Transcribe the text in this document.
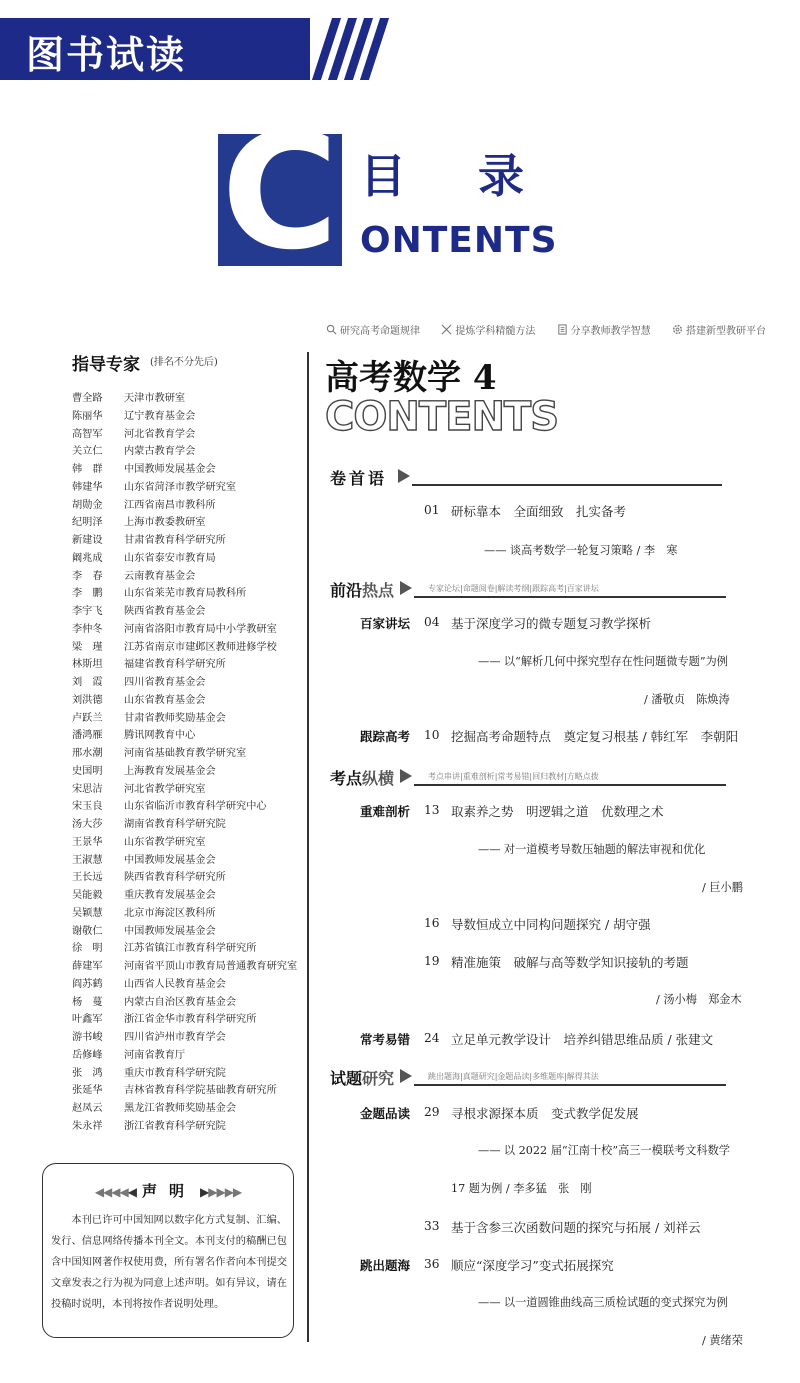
图书试读
C 目录
ONTENTS
研究高考命题规律	提炼学科精髓方法	分享教师教学智慧	搭建新型教研平台
指导专家 (排名不分先后)
曹全路 天津市教研室
陈丽华 辽宁教育基金会
高智军 河北省教育学会
关立仁 内蒙古教育学会
韩　群 中国教师发展基金会
韩建华 山东省菏泽市教学研究室
胡勋金 江西省南昌市教科所
纪明泽 上海市教委教研室
新建设 甘肃省教育科学研究所
阚兆成 山东省泰安市教育局
李　春 云南教育基金会
李　鹏 山东省莱芜市教育局教科所
李宇飞 陕西省教育基金会
李仲冬 河南省洛阳市教育局中小学教研室
梁　瑾 江苏省南京市建邺区教师进修学校
林斯坦 福建省教育科学研究所
刘　霞 四川省教育基金会
刘洪德 山东省教育基金会
卢跃兰 甘肃省教师奖励基金会
潘鸿雁 腾讯网教育中心
邢水潮 河南省基础教育教学研究室
史国明 上海教育发展基金会
宋思洁 河北省教学研究室
宋玉良 山东省临沂市教育科学研究中心
汤大莎 湖南省教育科学研究院
王景华 山东省教学研究室
王淑慧 中国教师发展基金会
王长远 陕西省教育科学研究所
吴能毅 重庆教育发展基金会
吴颖慧 北京市海淀区教科所
谢敬仁 中国教师发展基金会
徐　明 江苏省镇江市教育科学研究所
薛建军 河南省平顶山市教育局普通教育研究室
阎苏鹤 山西省人民教育基金会
杨　蔓 内蒙古自治区教育基金会
叶鑫军 浙江省金华市教育科学研究所
游书峻 四川省泸州市教育学会
岳修峰 河南省教育厅
张　鸿 重庆市教育科学研究院
张延华 吉林省教育科学院基础教育研究所
赵凤云 黑龙江省教师奖励基金会
朱永祥 浙江省教育科学研究院
◀◀◀◀◀ 声明 ▶▶▶▶▶
本刊已许可中国知网以数字化方式复制、汇编、发行、信息网络传播本刊全文。本刊支付的稿酬已包含中国知网著作权使用费，所有署名作者向本刊提交文章发表之行为视为同意上述声明。如有异议，请在投稿时说明，本刊将按作者说明处理。
高考数学 4
CONTENTS
卷首语
01 研标靠本　全面细致　扎实备考
—— 谈高考数学一轮复习策略 / 李　寒
前沿热点	专家论坛|命题阅卷|解读考纲|跟踪高考|百家讲坛
百家讲坛 04 基于深度学习的微专题复习教学探析
—— 以“解析几何中探究型存在性问题微专题”为例
/ 潘敬贞　陈焕涛
跟踪高考 10 挖掘高考命题特点　奠定复习根基 / 韩红军　李朝阳
考点纵横	考点串讲|重难剖析|常考易错|回归教材|方略点拨
重难剖析 13 取素养之势　明逻辑之道　优数理之术
—— 对一道模考导数压轴题的解法审视和优化
/ 巨小鹏
16 导数恒成立中同构问题探究 / 胡守强
19 精准施策　破解与高等数学知识接轨的考题
/ 汤小梅　郑金木
常考易错 24 立足单元教学设计　培养纠错思维品质 / 张建文
试题研究	跳出题海|真题研究|金题品读|多维题库|解得其法
金题品读 29 寻根求源探本质　变式教学促发展
—— 以 2022 届“江南十校”高三一模联考文科数学
17 题为例 / 李多猛　张　刚
33 基于含参三次函数问题的探究与拓展 / 刘祥云
跳出题海 36 顺应“深度学习”变式拓展探究
—— 以一道圆锥曲线高三质检试题的变式探究为例
/ 黄绪荣
